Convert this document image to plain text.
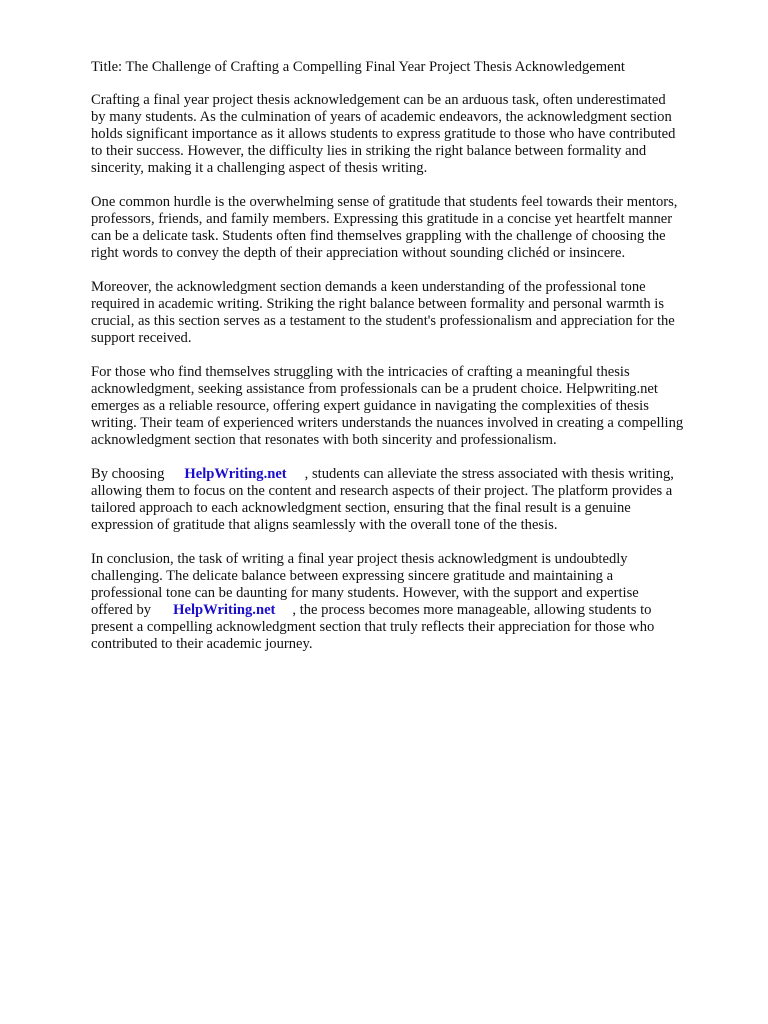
Title: The Challenge of Crafting a Compelling Final Year Project Thesis Acknowledgement

Crafting a final year project thesis acknowledgement can be an arduous task, often underestimated
by many students. As the culmination of years of academic endeavors, the acknowledgment section
holds significant importance as it allows students to express gratitude to those who have contributed
to their success. However, the difficulty lies in striking the right balance between formality and
sincerity, making it a challenging aspect of thesis writing.

One common hurdle is the overwhelming sense of gratitude that students feel towards their mentors,
professors, friends, and family members. Expressing this gratitude in a concise yet heartfelt manner
can be a delicate task. Students often find themselves grappling with the challenge of choosing the
right words to convey the depth of their appreciation without sounding clichéd or insincere.

Moreover, the acknowledgment section demands a keen understanding of the professional tone
required in academic writing. Striking the right balance between formality and personal warmth is
crucial, as this section serves as a testament to the student's professionalism and appreciation for the
support received.

For those who find themselves struggling with the intricacies of crafting a meaningful thesis
acknowledgment, seeking assistance from professionals can be a prudent choice. Helpwriting.net
emerges as a reliable resource, offering expert guidance in navigating the complexities of thesis
writing. Their team of experienced writers understands the nuances involved in creating a compelling
acknowledgment section that resonates with both sincerity and professionalism.

By choosing HelpWriting.net , students can alleviate the stress associated with thesis writing,
allowing them to focus on the content and research aspects of their project. The platform provides a
tailored approach to each acknowledgment section, ensuring that the final result is a genuine
expression of gratitude that aligns seamlessly with the overall tone of the thesis.

In conclusion, the task of writing a final year project thesis acknowledgment is undoubtedly
challenging. The delicate balance between expressing sincere gratitude and maintaining a
professional tone can be daunting for many students. However, with the support and expertise
offered by HelpWriting.net , the process becomes more manageable, allowing students to
present a compelling acknowledgment section that truly reflects their appreciation for those who
contributed to their academic journey.
